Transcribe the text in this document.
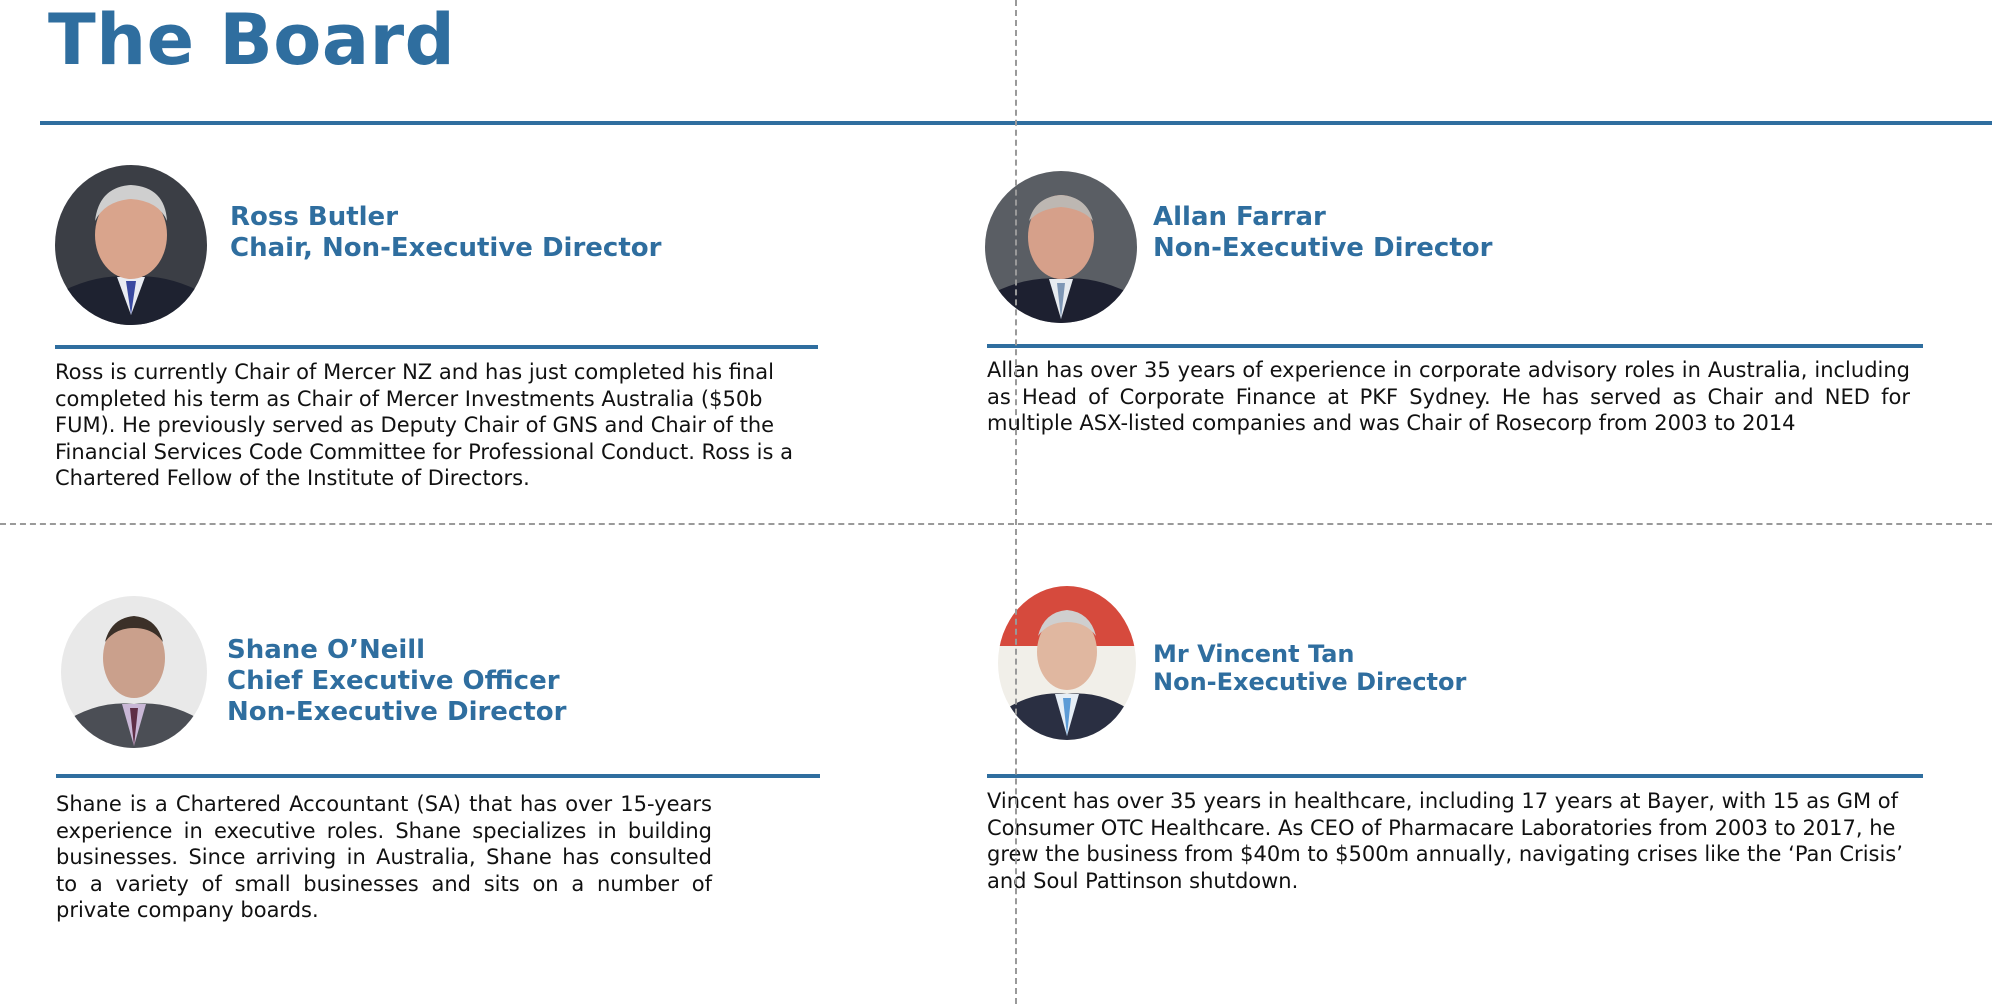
The Board
Ross Butler
Chair, Non-Executive Director
Ross is currently Chair of Mercer NZ and has just completed his final completed his term as Chair of Mercer Investments Australia ($50b FUM). He previously served as Deputy Chair of GNS and Chair of the Financial Services Code Committee for Professional Conduct. Ross is a Chartered Fellow of the Institute of Directors.
Allan Farrar
Non-Executive Director
Allan has over 35 years of experience in corporate advisory roles in Australia, including as Head of Corporate Finance at PKF Sydney. He has served as Chair and NED for multiple ASX-listed companies and was Chair of Rosecorp from 2003 to 2014
Shane O’Neill
Chief Executive Officer
Non-Executive Director
Shane is a Chartered Accountant (SA) that has over 15-years experience in executive roles. Shane specializes in building businesses. Since arriving in Australia, Shane has consulted to a variety of small businesses and sits on a number of private company boards.
Mr Vincent Tan
Non-Executive Director
Vincent has over 35 years in healthcare, including 17 years at Bayer, with 15 as GM of Consumer OTC Healthcare. As CEO of Pharmacare Laboratories from 2003 to 2017, he grew the business from $40m to $500m annually, navigating crises like the ‘Pan Crisis’ and Soul Pattinson shutdown.
